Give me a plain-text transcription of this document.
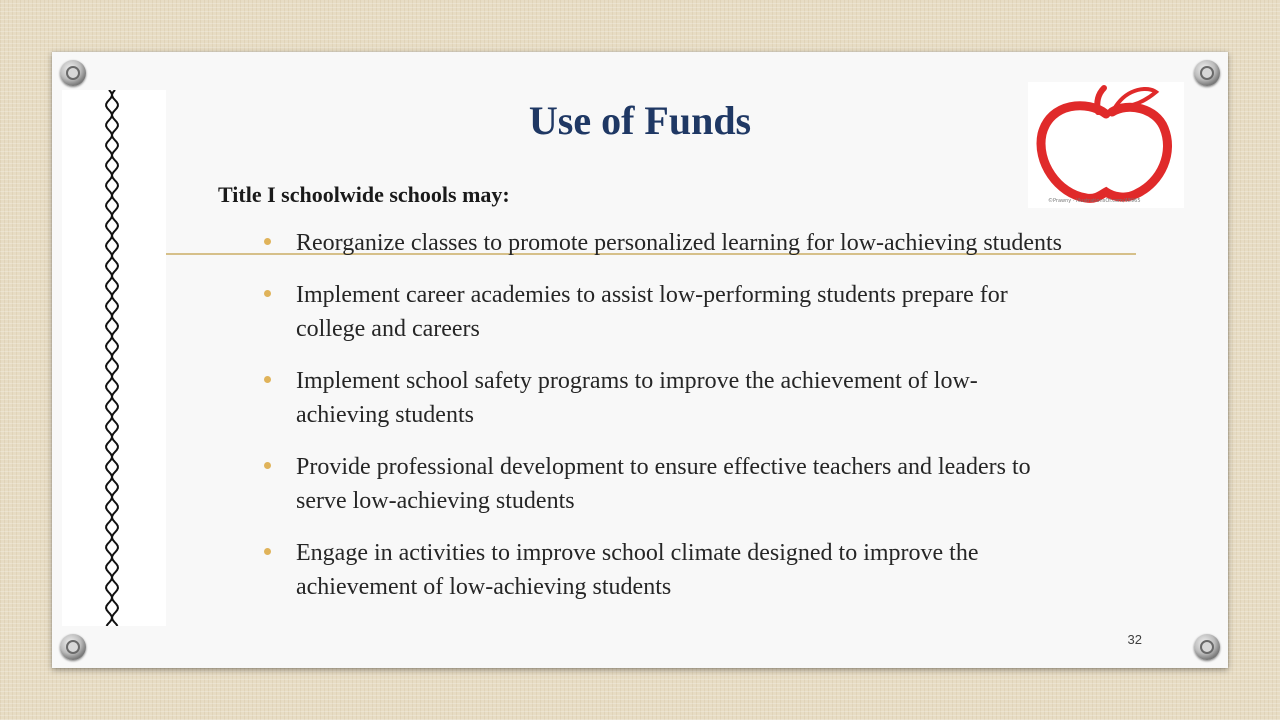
©Prawny · IllustrationsOf.com/48965
Use of Funds

Title I schoolwide schools may:

Reorganize classes to promote personalized learning for low-achieving students
Implement career academies to assist low-performing students prepare for college and careers
Implement school safety programs to improve the achievement of low-achieving students
Provide professional development to ensure effective teachers and leaders to serve low-achieving students
Engage in activities to improve school climate designed to improve the achievement of low-achieving students
32
